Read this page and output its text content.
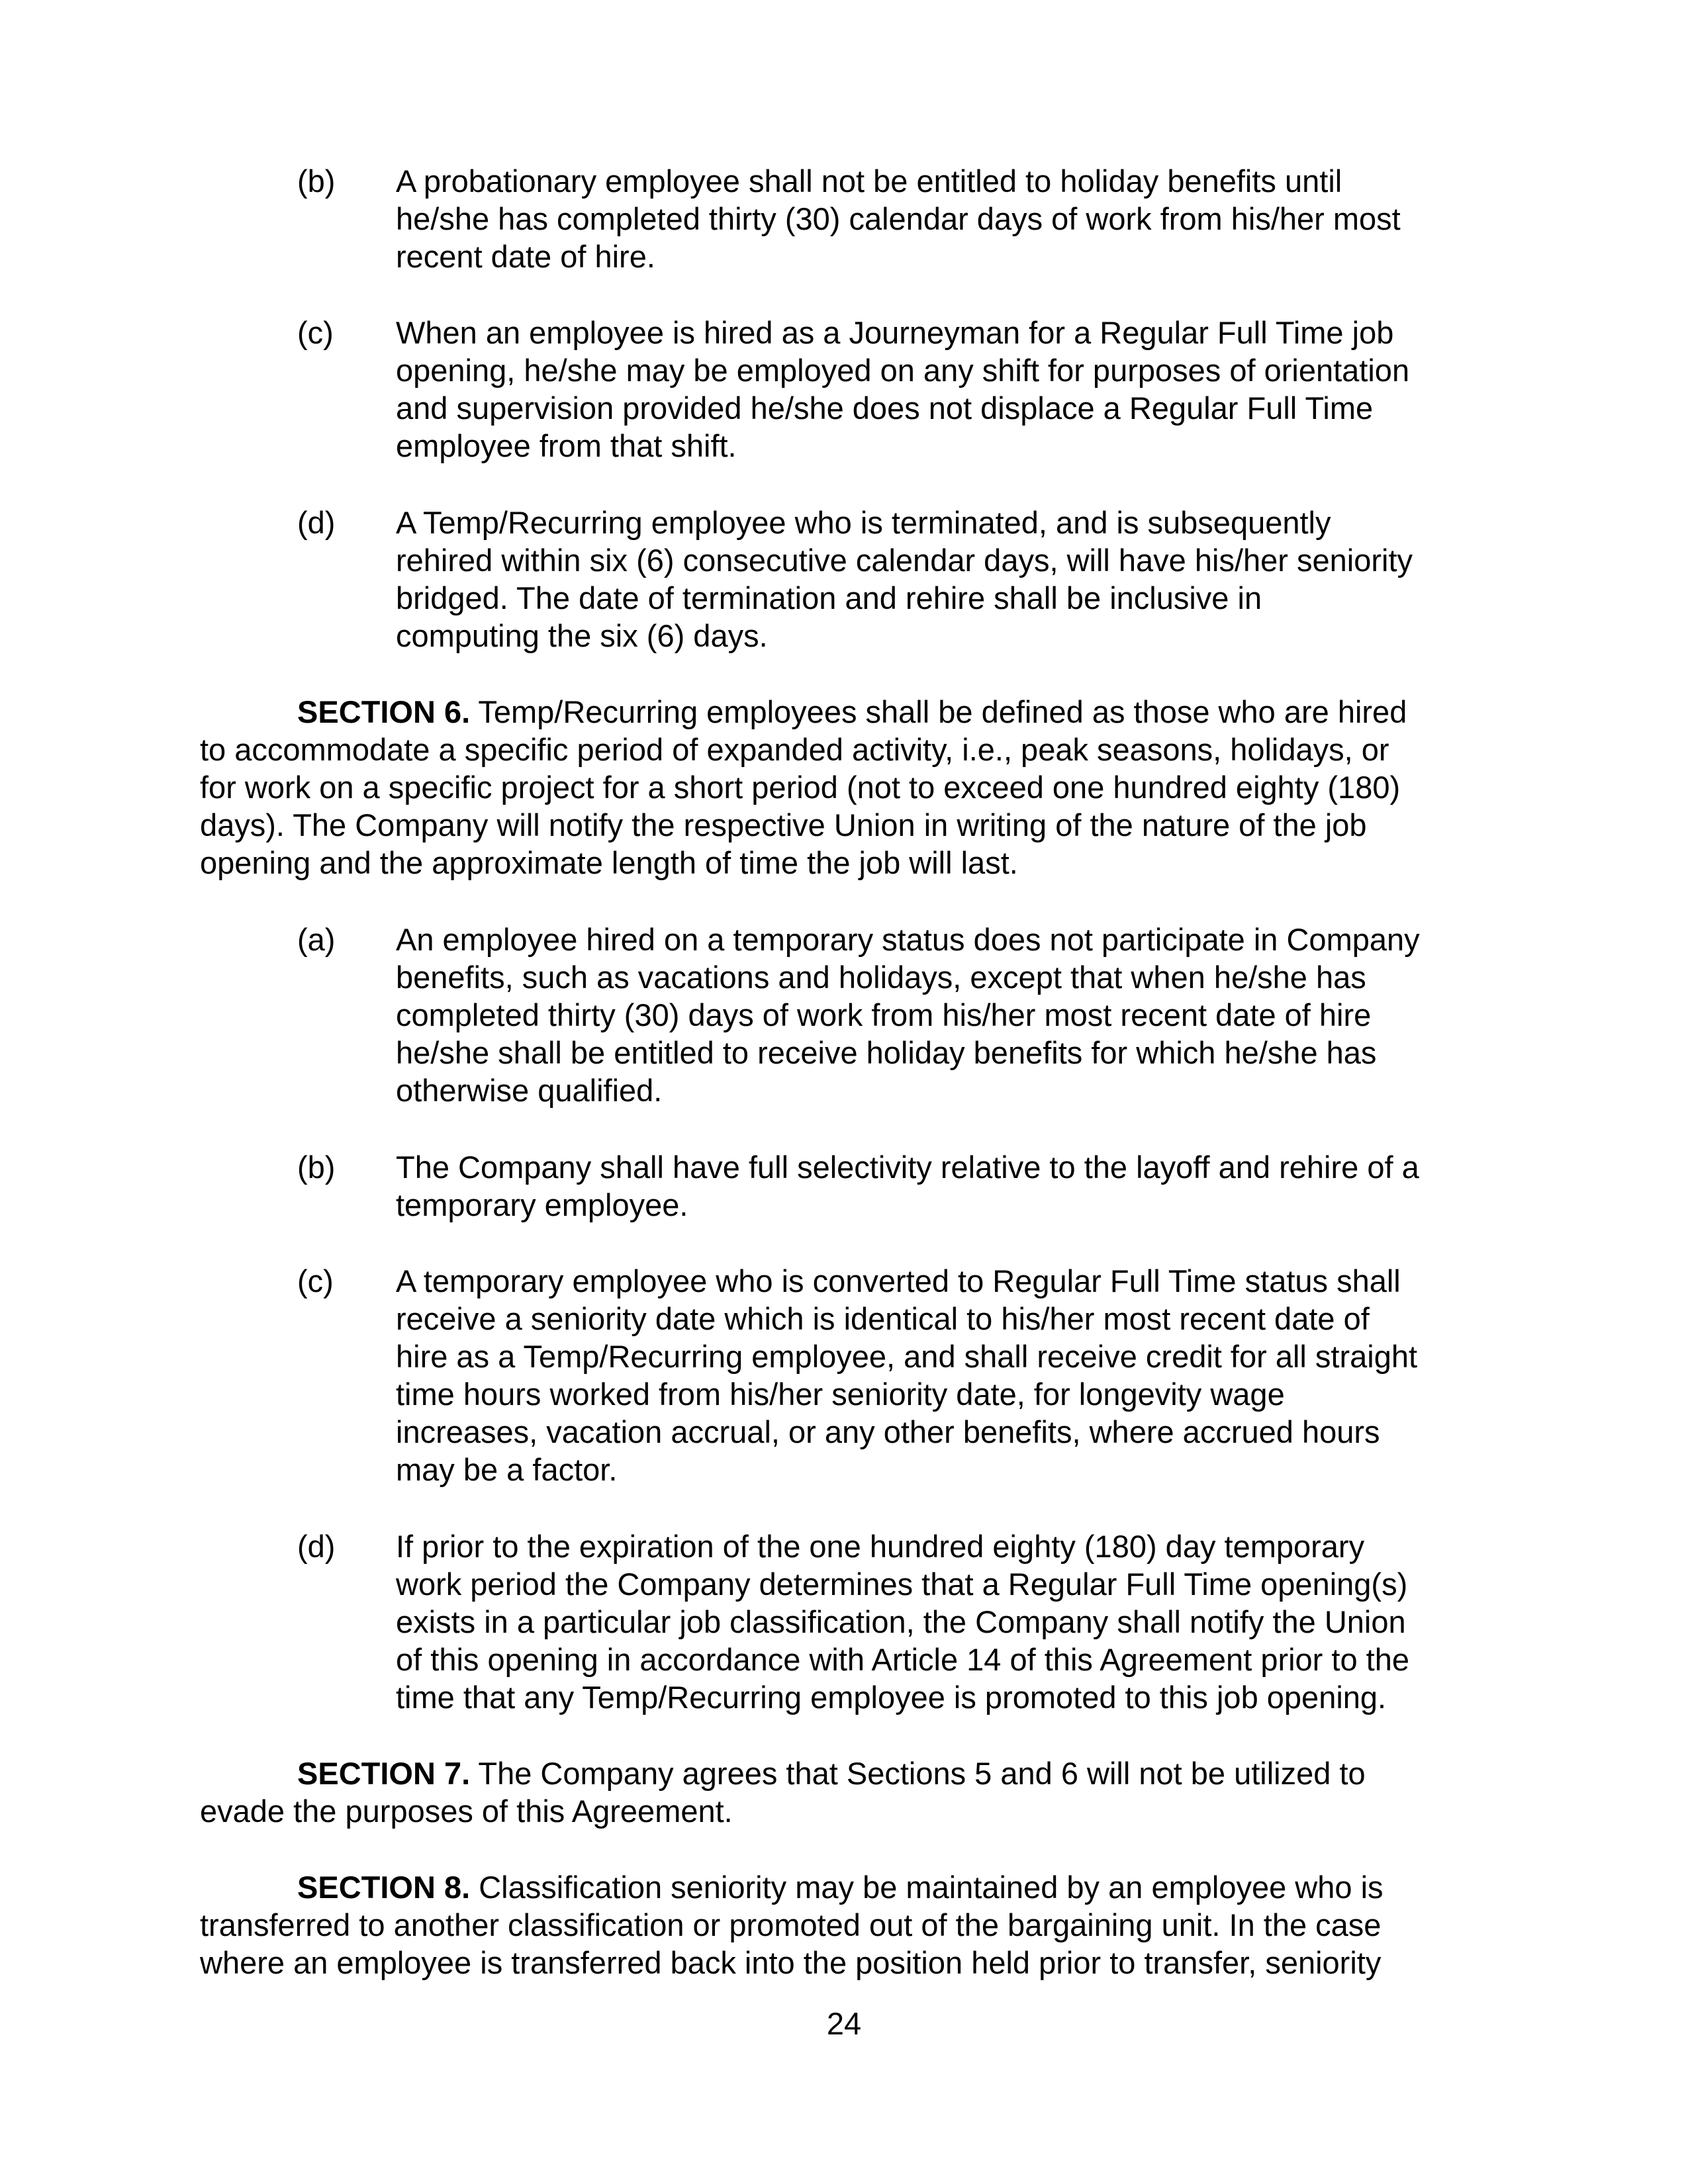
(b)	A probationary employee shall not be entitled to holiday benefits until
he/she has completed thirty (30) calendar days of work from his/her most
recent date of hire.
(c)	When an employee is hired as a Journeyman for a Regular Full Time job
opening, he/she may be employed on any shift for purposes of orientation
and supervision provided he/she does not displace a Regular Full Time
employee from that shift.
(d)	A Temp/Recurring employee who is terminated, and is subsequently
rehired within six (6) consecutive calendar days, will have his/her seniority
bridged. The date of termination and rehire shall be inclusive in
computing the six (6) days.
SECTION 6. Temp/Recurring employees shall be defined as those who are hired
to accommodate a specific period of expanded activity, i.e., peak seasons, holidays, or
for work on a specific project for a short period (not to exceed one hundred eighty (180)
days). The Company will notify the respective Union in writing of the nature of the job
opening and the approximate length of time the job will last.
(a)	An employee hired on a temporary status does not participate in Company
benefits, such as vacations and holidays, except that when he/she has
completed thirty (30) days of work from his/her most recent date of hire
he/she shall be entitled to receive holiday benefits for which he/she has
otherwise qualified.
(b)	The Company shall have full selectivity relative to the layoff and rehire of a
temporary employee.
(c)	A temporary employee who is converted to Regular Full Time status shall
receive a seniority date which is identical to his/her most recent date of
hire as a Temp/Recurring employee, and shall receive credit for all straight
time hours worked from his/her seniority date, for longevity wage
increases, vacation accrual, or any other benefits, where accrued hours
may be a factor.
(d)	If prior to the expiration of the one hundred eighty (180) day temporary
work period the Company determines that a Regular Full Time opening(s)
exists in a particular job classification, the Company shall notify the Union
of this opening in accordance with Article 14 of this Agreement prior to the
time that any Temp/Recurring employee is promoted to this job opening.
SECTION 7. The Company agrees that Sections 5 and 6 will not be utilized to
evade the purposes of this Agreement.
SECTION 8. Classification seniority may be maintained by an employee who is
transferred to another classification or promoted out of the bargaining unit. In the case
where an employee is transferred back into the position held prior to transfer, seniority
24
